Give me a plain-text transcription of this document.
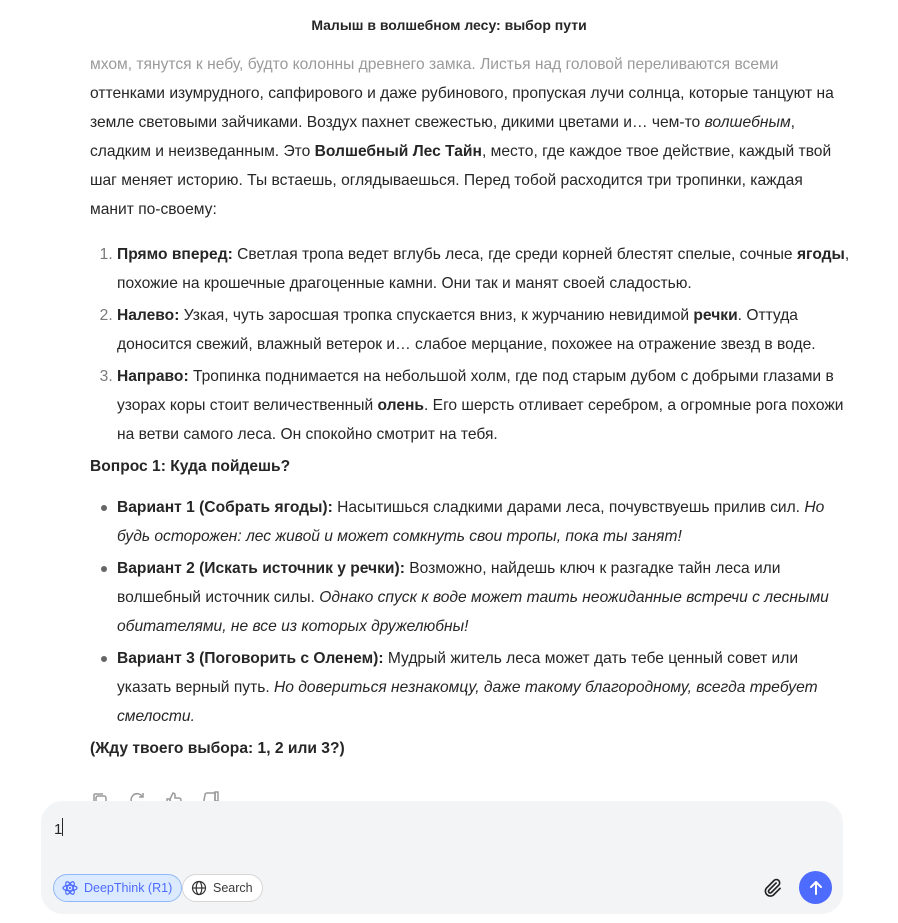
Малыш в волшебном лесу: выбор пути

мхом, тянутся к небу, будто колонны древнего замка. Листья над головой переливаются всеми оттенками изумрудного, сапфирового и даже рубинового, пропуская лучи солнца, которые танцуют на земле световыми зайчиками. Воздух пахнет свежестью, дикими цветами и… чем-то волшебным, сладким и неизведанным. Это Волшебный Лес Тайн, место, где каждое твое действие, каждый твой шаг меняет историю. Ты встаешь, оглядываешься. Перед тобой расходится три тропинки, каждая манит по-своему:

1. Прямо вперед: Светлая тропа ведет вглубь леса, где среди корней блестят спелые, сочные ягоды, похожие на крошечные драгоценные камни. Они так и манят своей сладостью.
2. Налево: Узкая, чуть заросшая тропка спускается вниз, к журчанию невидимой речки. Оттуда доносится свежий, влажный ветерок и… слабое мерцание, похожее на отражение звезд в воде.
3. Направо: Тропинка поднимается на небольшой холм, где под старым дубом с добрыми глазами в узорах коры стоит величественный олень. Его шерсть отливает серебром, а огромные рога похожи на ветви самого леса. Он спокойно смотрит на тебя.

Вопрос 1: Куда пойдешь?

Вариант 1 (Собрать ягоды): Насытишься сладкими дарами леса, почувствуешь прилив сил. Но будь осторожен: лес живой и может сомкнуть свои тропы, пока ты занят!
Вариант 2 (Искать источник у речки): Возможно, найдешь ключ к разгадке тайн леса или волшебный источник силы. Однако спуск к воде может таить неожиданные встречи с лесными обитателями, не все из которых дружелюбны!
Вариант 3 (Поговорить с Оленем): Мудрый житель леса может дать тебе ценный совет или указать верный путь. Но довериться незнакомцу, даже такому благородному, всегда требует смелости.

(Жду твоего выбора: 1, 2 или 3?)

1
DeepThink (R1)	Search
